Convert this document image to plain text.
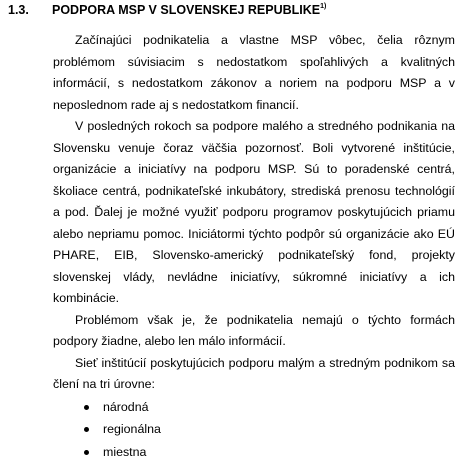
1.3. PODPORA MSP V SLOVENSKEJ REPUBLIKE$^{1)}$

Začínajúci podnikatelia a vlastne MSP vôbec, čelia rôznym problémom súvisiacim s nedostatkom spoľahlivých a kvalitných informácií, s nedostatkom zákonov a noriem na podporu MSP a v neposlednom rade aj s nedostatkom financií.

V posledných rokoch sa podpore malého a stredného podnikania na Slovensku venuje čoraz väčšia pozornosť. Boli vytvorené inštitúcie, organizácie a iniciatívy na podporu MSP. Sú to poradenské centrá, školiace centrá, podnikateľské inkubátory, strediská prenosu technológií a pod. Ďalej je možné využiť podporu programov poskytujúcich priamu alebo nepriamu pomoc. Iniciátormi týchto podpôr sú organizácie ako EÚ PHARE, EIB, Slovensko-americký podnikateľský fond, projekty slovenskej vlády, nevládne iniciatívy, súkromné iniciatívy a ich kombinácie.

Problémom však je, že podnikatelia nemajú o týchto formách podpory žiadne, alebo len málo informácií.

Sieť inštitúcií poskytujúcich podporu malým a stredným podnikom sa člení na tri úrovne:

národná
regionálna
miestna
